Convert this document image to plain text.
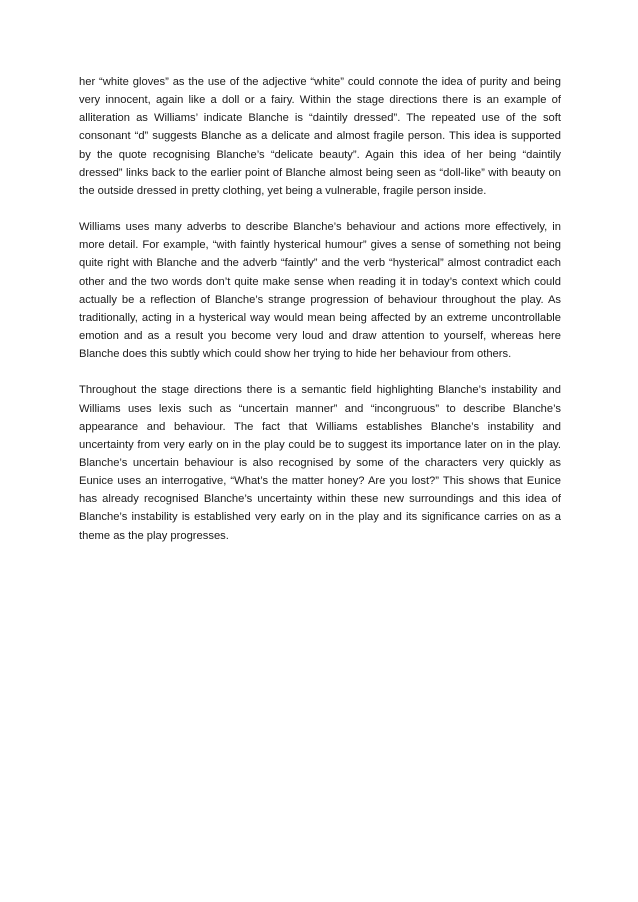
her “white gloves” as the use of the adjective “white” could connote the idea of purity and being very innocent, again like a doll or a fairy. Within the stage directions there is an example of alliteration as Williams’ indicate Blanche is “daintily dressed”. The repeated use of the soft consonant “d” suggests Blanche as a delicate and almost fragile person. This idea is supported by the quote recognising Blanche’s “delicate beauty”. Again this idea of her being “daintily dressed” links back to the earlier point of Blanche almost being seen as “doll-like” with beauty on the outside dressed in pretty clothing, yet being a vulnerable, fragile person inside.

Williams uses many adverbs to describe Blanche’s behaviour and actions more effectively, in more detail. For example, “with faintly hysterical humour” gives a sense of something not being quite right with Blanche and the adverb “faintly” and the verb “hysterical” almost contradict each other and the two words don’t quite make sense when reading it in today’s context which could actually be a reflection of Blanche’s strange progression of behaviour throughout the play. As traditionally, acting in a hysterical way would mean being affected by an extreme uncontrollable emotion and as a result you become very loud and draw attention to yourself, whereas here Blanche does this subtly which could show her trying to hide her behaviour from others.

Throughout the stage directions there is a semantic field highlighting Blanche’s instability and Williams uses lexis such as “uncertain manner” and “incongruous” to describe Blanche’s appearance and behaviour. The fact that Williams establishes Blanche’s instability and uncertainty from very early on in the play could be to suggest its importance later on in the play. Blanche’s uncertain behaviour is also recognised by some of the characters very quickly as Eunice uses an interrogative, “What’s the matter honey? Are you lost?” This shows that Eunice has already recognised Blanche’s uncertainty within these new surroundings and this idea of Blanche’s instability is established very early on in the play and its significance carries on as a theme as the play progresses.
